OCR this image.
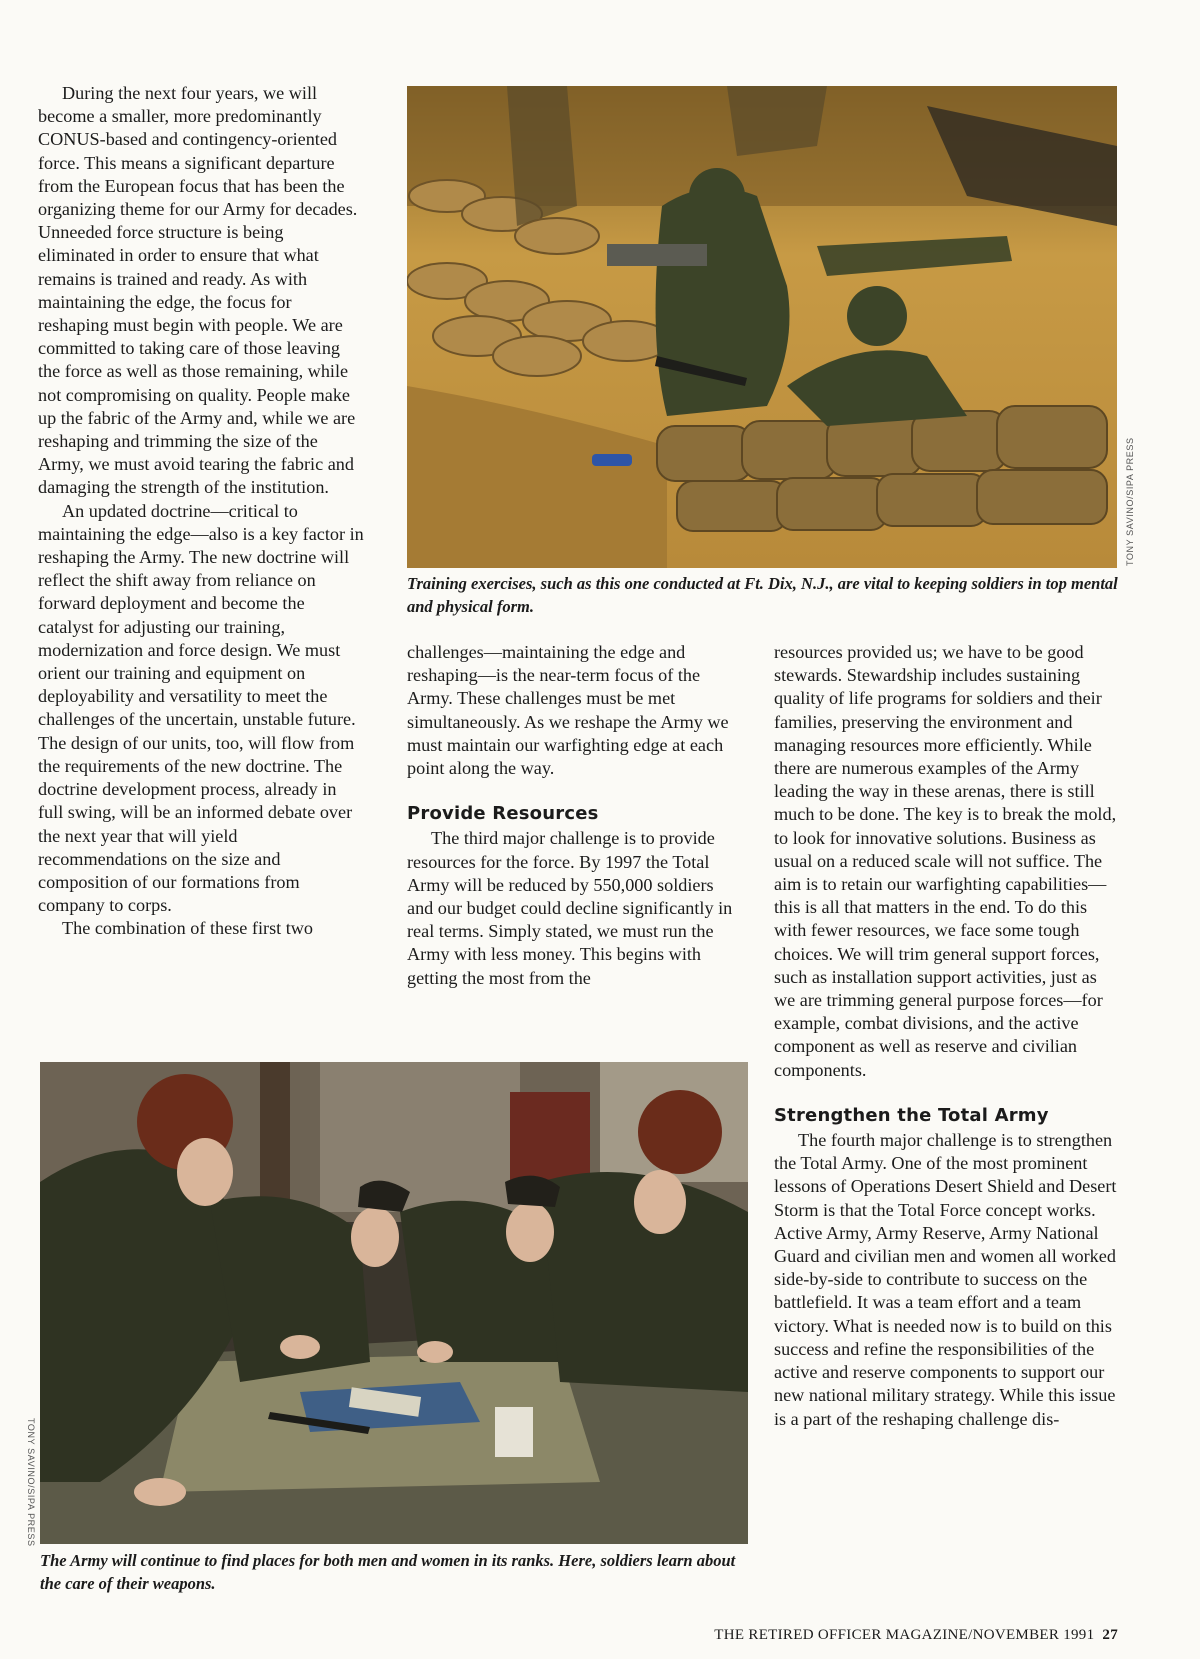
During the next four years, we will become a smaller, more predominantly CONUS-based and contingency-oriented force. This means a significant departure from the European focus that has been the organizing theme for our Army for decades. Unneeded force structure is being eliminated in order to ensure that what remains is trained and ready. As with maintaining the edge, the focus for reshaping must begin with people. We are committed to taking care of those leaving the force as well as those remaining, while not compromising on quality. People make up the fabric of the Army and, while we are reshaping and trimming the size of the Army, we must avoid tearing the fabric and damaging the strength of the institution.

An updated doctrine—critical to maintaining the edge—also is a key factor in reshaping the Army. The new doctrine will reflect the shift away from reliance on forward deployment and become the catalyst for adjusting our training, modernization and force design. We must orient our training and equipment on deployability and versatility to meet the challenges of the uncertain, unstable future. The design of our units, too, will flow from the requirements of the new doctrine. The doctrine development process, already in full swing, will be an informed debate over the next year that will yield recommendations on the size and composition of our formations from company to corps.

The combination of these first two

TONY SAVINO/SIPA PRESS
Training exercises, such as this one conducted at Ft. Dix, N.J., are vital to keeping soldiers in top mental and physical form.

challenges—maintaining the edge and reshaping—is the near-term focus of the Army. These challenges must be met simultaneously. As we reshape the Army we must maintain our warfighting edge at each point along the way.

Provide Resources

The third major challenge is to provide resources for the force. By 1997 the Total Army will be reduced by 550,000 soldiers and our budget could decline significantly in real terms. Simply stated, we must run the Army with less money. This begins with getting the most from the

resources provided us; we have to be good stewards. Stewardship includes sustaining quality of life programs for soldiers and their families, preserving the environment and managing resources more efficiently. While there are numerous examples of the Army leading the way in these arenas, there is still much to be done. The key is to break the mold, to look for innovative solutions. Business as usual on a reduced scale will not suffice. The aim is to retain our warfighting capabilities—this is all that matters in the end. To do this with fewer resources, we face some tough choices. We will trim general support forces, such as installation support activities, just as we are trimming general purpose forces—for example, combat divisions, and the active component as well as reserve and civilian components.

Strengthen the Total Army

The fourth major challenge is to strengthen the Total Army. One of the most prominent lessons of Operations Desert Shield and Desert Storm is that the Total Force concept works. Active Army, Army Reserve, Army National Guard and civilian men and women all worked side-by-side to contribute to success on the battlefield. It was a team effort and a team victory. What is needed now is to build on this success and refine the responsibilities of the active and reserve components to support our new national military strategy. While this issue is a part of the reshaping challenge dis-

TONY SAVINO/SIPA PRESS
The Army will continue to find places for both men and women in its ranks. Here, soldiers learn about the care of their weapons.
THE RETIRED OFFICER MAGAZINE/NOVEMBER 1991 27
